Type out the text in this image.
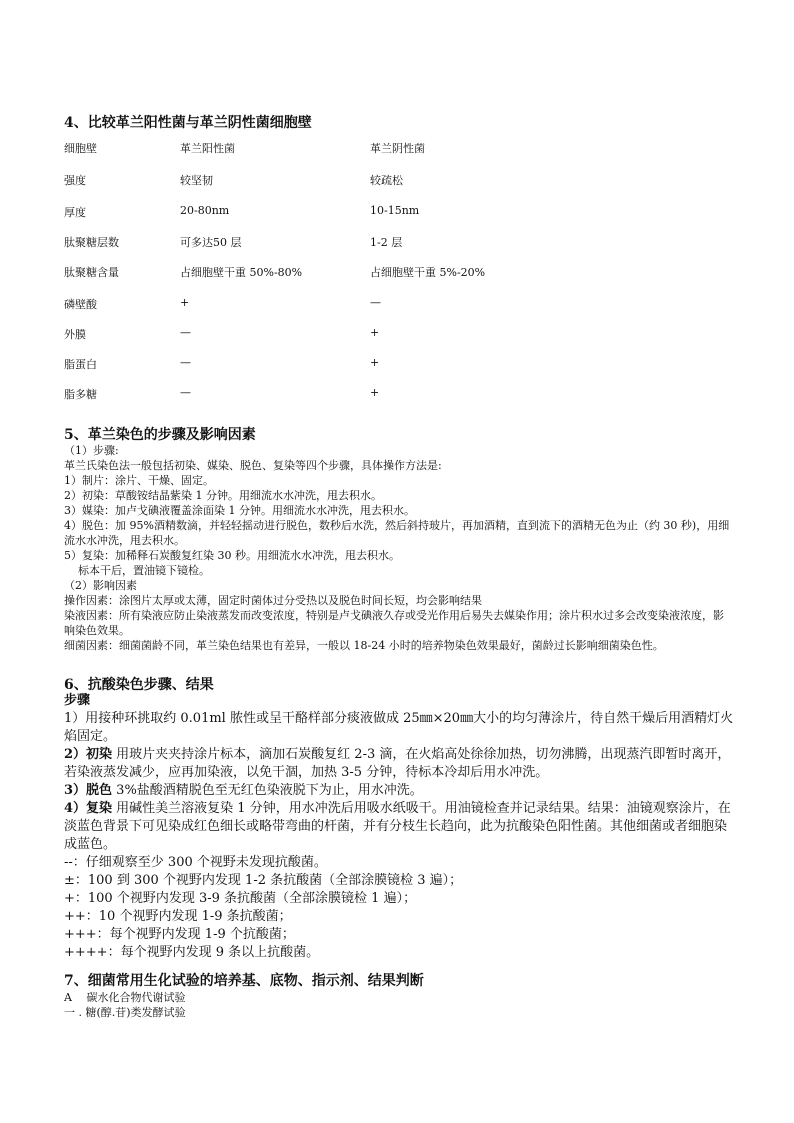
4、比较革兰阳性菌与革兰阴性菌细胞壁
细胞壁	革兰阳性菌	革兰阴性菌
强度	较坚韧	较疏松
厚度	20-80nm	10-15nm
肽聚糖层数	可多达50 层	1-2 层
肽聚糖含量	占细胞壁干重 50%-80%	占细胞壁干重 5%-20%
磷壁酸	+	—
外膜	—	+
脂蛋白	—	+
脂多糖	—	+
5、革兰染色的步骤及影响因素
（1）步骤:
革兰氏染色法一般包括初染、媒染、脱色、复染等四个步骤，具体操作方法是:
1）制片：涂片、干燥、固定。
2）初染：草酸铵结晶紫染 1 分钟。用细流水水冲洗，甩去积水。
3）媒染：加卢戈碘液覆盖涂面染 1 分钟。用细流水水冲洗，甩去积水。
4）脱色：加 95%酒精数滴，并轻轻摇动进行脱色，数秒后水洗，然后斜持玻片，再加酒精，直到流下的酒精无色为止（约 30 秒)，用细流水水冲洗，甩去积水。
5）复染：加稀释石炭酸复红染 30 秒。用细流水水冲洗，甩去积水。
标本干后，置油镜下镜检。
（2）影响因素
操作因素：涂图片太厚或太薄，固定时菌体过分受热以及脱色时间长短，均会影响结果
染液因素：所有染液应防止染液蒸发而改变浓度，特别是卢戈碘液久存或受光作用后易失去媒染作用；涂片积水过多会改变染液浓度，影响染色效果。
细菌因素：细菌菌龄不同，革兰染色结果也有差异，一般以 18-24 小时的培养物染色效果最好，菌龄过长影响细菌染色性。
6、抗酸染色步骤、结果
步骤
1）用接种环挑取约 0.01ml 脓性或呈干酪样部分痰液做成 25㎜×20㎜大小的均匀薄涂片，待自然干燥后用酒精灯火焰固定。
2）初染 用玻片夹夹持涂片标本，滴加石炭酸复红 2-3 滴，在火焰高处徐徐加热，切勿沸腾，出现蒸汽即暂时离开，若染液蒸发减少，应再加染液，以免干涸，加热 3-5 分钟，待标本冷却后用水冲洗。
3）脱色 3%盐酸酒精脱色至无红色染液脱下为止，用水冲洗。
4）复染 用碱性美兰溶液复染 1 分钟，用水冲洗后用吸水纸吸干。用油镜检查并记录结果。结果：油镜观察涂片，在淡蓝色背景下可见染成红色细长或略带弯曲的杆菌，并有分枝生长趋向，此为抗酸染色阳性菌。其他细菌或者细胞染成蓝色。
--：仔细观察至少 300 个视野未发现抗酸菌。
±：100 到 300 个视野内发现 1-2 条抗酸菌（全部涂膜镜检 3 遍）；
+：100 个视野内发现 3-9 条抗酸菌（全部涂膜镜检 1 遍）；
++：10 个视野内发现 1-9 条抗酸菌；
+++：每个视野内发现 1-9 个抗酸菌；
++++：每个视野内发现 9 条以上抗酸菌。
7、细菌常用生化试验的培养基、底物、指示剂、结果判断
A　 碳水化合物代谢试验
一 . 糖(醇.苷)类发酵试验
